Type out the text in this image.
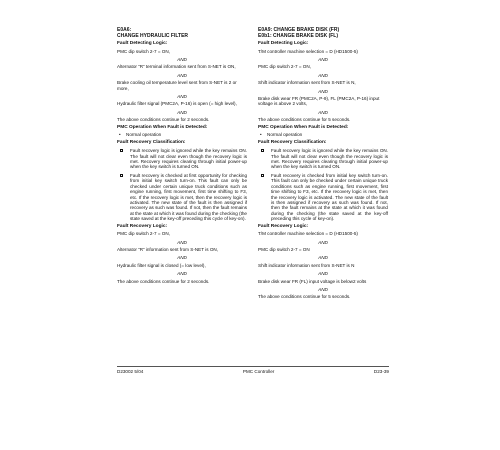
E0A6:
CHANGE HYDRAULIC FILTER
Fault Detecting Logic:
PMC dip switch 2-7 = ON,
AND
Alternator “R” terminal information sent from S-NET is ON,
AND
Brake cooling oil temperature level sent from S-NET is 2 or more,
AND
Hydraulic filter signal (PMC2A, P-16) is open (= high level),
AND
The above conditions continue for 2 seconds.
PMC Operation When Fault is Detected:
• Normal operation
Fault Recovery Classification:
Fault recovery logic is ignored while the key remains ON. The fault will not clear even though the recovery logic is met. Recovery requires clearing through initial power-up when the key switch is turned ON.
Fault recovery is checked at first opportunity for checking from initial key switch turn-on. This fault can only be checked under certain unique truck conditions such as engine running, first movement, first time shifting to F3, etc. If the recovery logic is met, then the recovery logic is activated. The new state of the fault is then assigned if recovery as such was found. If not, then the fault remains at the state at which it was found during the checking (the state saved at the key-off preceding this cycle of key-on).
Fault Recovery Logic:
PMC dip switch 2-7 = ON,
AND
Alternator “R” information sent from S-NET is ON,
AND
Hydraulic filter signal is closed (= low level),
AND
The above conditions continue for 2 seconds.
E0A9: CHANGE BRAKE DISK (FR)
E0b1: CHANGE BRAKE DISK (FL)
Fault Detecting Logic:
T/M controller machine selection = D (HD1500-5)
AND
PMC dip switch 2-7 = ON,
AND
Shift indicator information sent from S-NET is N,
AND
Brake disk wear FR (PMC2A, P-9), FL (PMC2A, P-16) input voltage is above 2 volts,
AND
The above conditions continue for 5 seconds.
PMC Operation When Fault is Detected:
• Normal operation
Fault Recovery Classification:
Fault recovery logic is ignored while the key remains ON. The fault will not clear even though the recovery logic is met. Recovery requires clearing through initial power-up when the key switch is turned ON.
Fault recovery is checked from initial key switch turn-on. This fault can only be checked under certain unique truck conditions such as engine running, first movement, first time shifting to F3, etc. If the recovery logic is met, then the recovery logic is activated. The new state of the fault is then assigned if recovery as such was found. If not, then the fault remains at the state at which it was found during the checking (the state saved at the key-off preceding this cycle of key-on).
Fault Recovery Logic:
T/M controller machine selection = D (HD1500-5)
AND
PMC dip switch 2-7 = ON
AND
Shift indicator information sent from S-NET is N
AND
Brake disk wear FR (FL) input voltage is below2 volts
AND
The above conditions continue for 5 seconds.
D23002 5/04	PMC Controller	D23-39
